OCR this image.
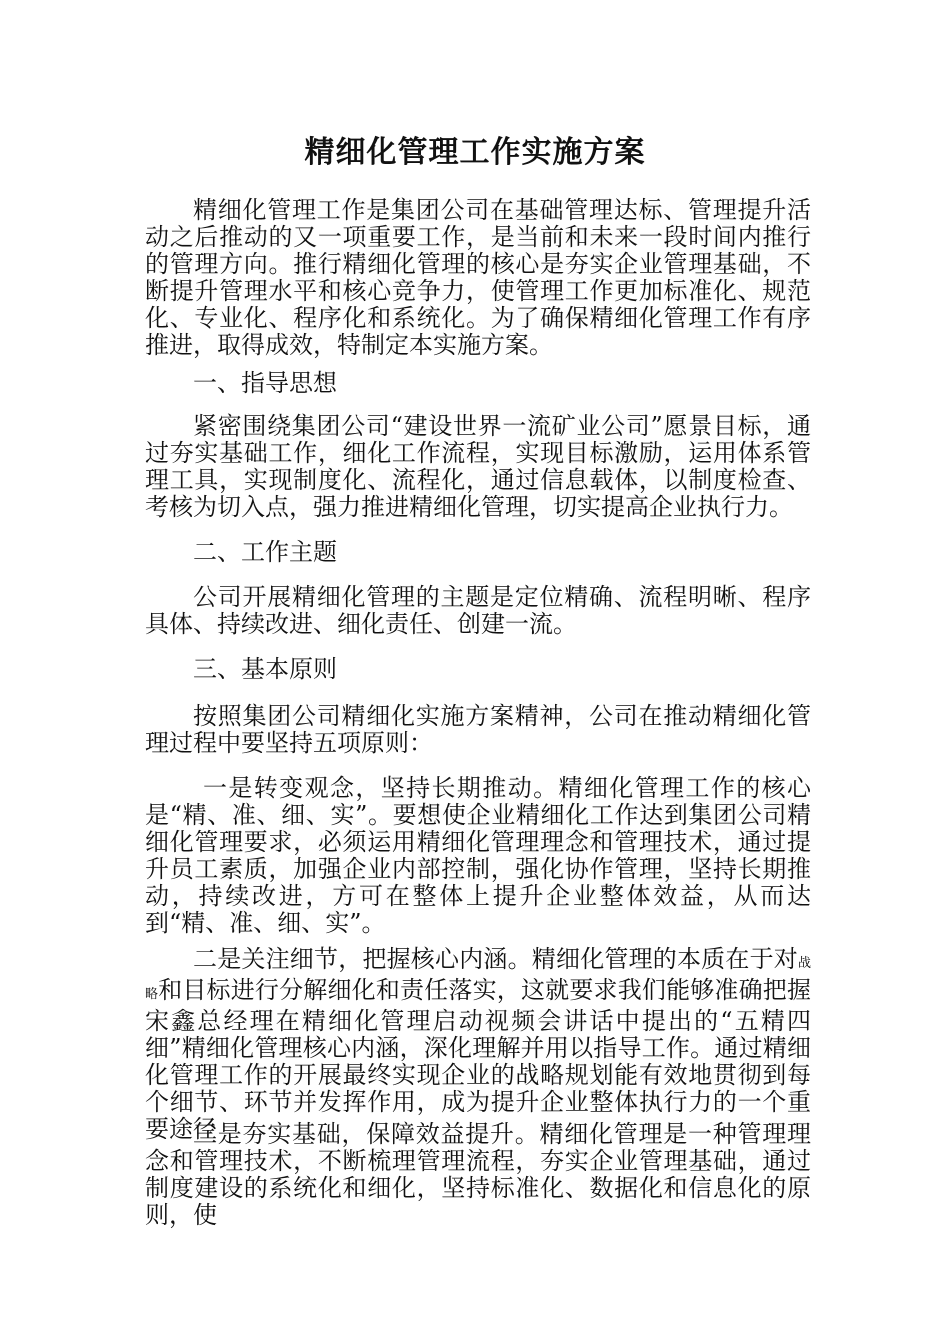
精细化管理工作实施方案

精细化管理工作是集团公司在基础管理达标、管理提升活动之后推动的又一项重要工作，是当前和未来一段时间内推行的管理方向。推行精细化管理的核心是夯实企业管理基础，不断提升管理水平和核心竞争力，使管理工作更加标准化、规范化、专业化、程序化和系统化。为了确保精细化管理工作有序推进，取得成效，特制定本实施方案。

一、指导思想

紧密围绕集团公司“建设世界一流矿业公司”愿景目标，通过夯实基础工作，细化工作流程，实现目标激励，运用体系管理工具，实现制度化、流程化，通过信息载体，以制度检查、考核为切入点，强力推进精细化管理，切实提高企业执行力。

二、工作主题

公司开展精细化管理的主题是定位精确、流程明晰、程序具体、持续改进、细化责任、创建一流。

三、基本原则

按照集团公司精细化实施方案精神，公司在推动精细化管理过程中要坚持五项原则：

一是转变观念，坚持长期推动。精细化管理工作的核心是“精、准、细、实”。要想使企业精细化工作达到集团公司精细化管理要求，必须运用精细化管理理念和管理技术，通过提升员工素质，加强企业内部控制，强化协作管理，坚持长期推动，持续改进，方可在整体上提升企业整体效益，从而达到“精、准、细、实”。

二是关注细节，把握核心内涵。精细化管理的本质在于对战略和目标进行分解细化和责任落实，这就要求我们能够准确把握宋鑫总经理在精细化管理启动视频会讲话中提出的“五精四细”精细化管理核心内涵，深化理解并用以指导工作。通过精细化管理工作的开展最终实现企业的战略规划能有效地贯彻到每个细节、环节并发挥作用，成为提升企业整体执行力的一个重要途径

三是夯实基础，保障效益提升。精细化管理是一种管理理念和管理技术，不断梳理管理流程，夯实企业管理基础，通过制度建设的系统化和细化，坚持标准化、数据化和信息化的原则，使
